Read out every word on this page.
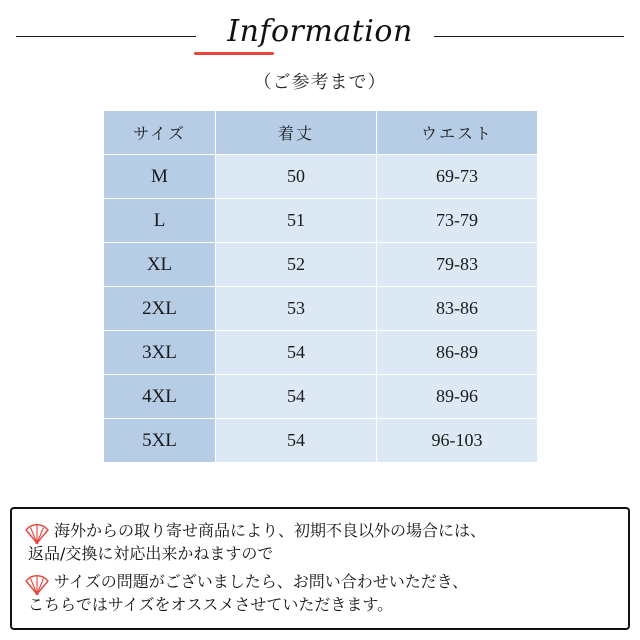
Information
（ご参考まで）
サイズ	着丈	ウエスト
M	50	69-73
L	51	73-79
XL	52	79-83
2XL	53	83-86
3XL	54	86-89
4XL	54	89-96
5XL	54	96-103
海外からの取り寄せ商品により、初期不良以外の場合には、
返品/交換に対応出来かねますので
サイズの問題がございましたら、お問い合わせいただき、
こちらではサイズをオススメさせていただきます。
